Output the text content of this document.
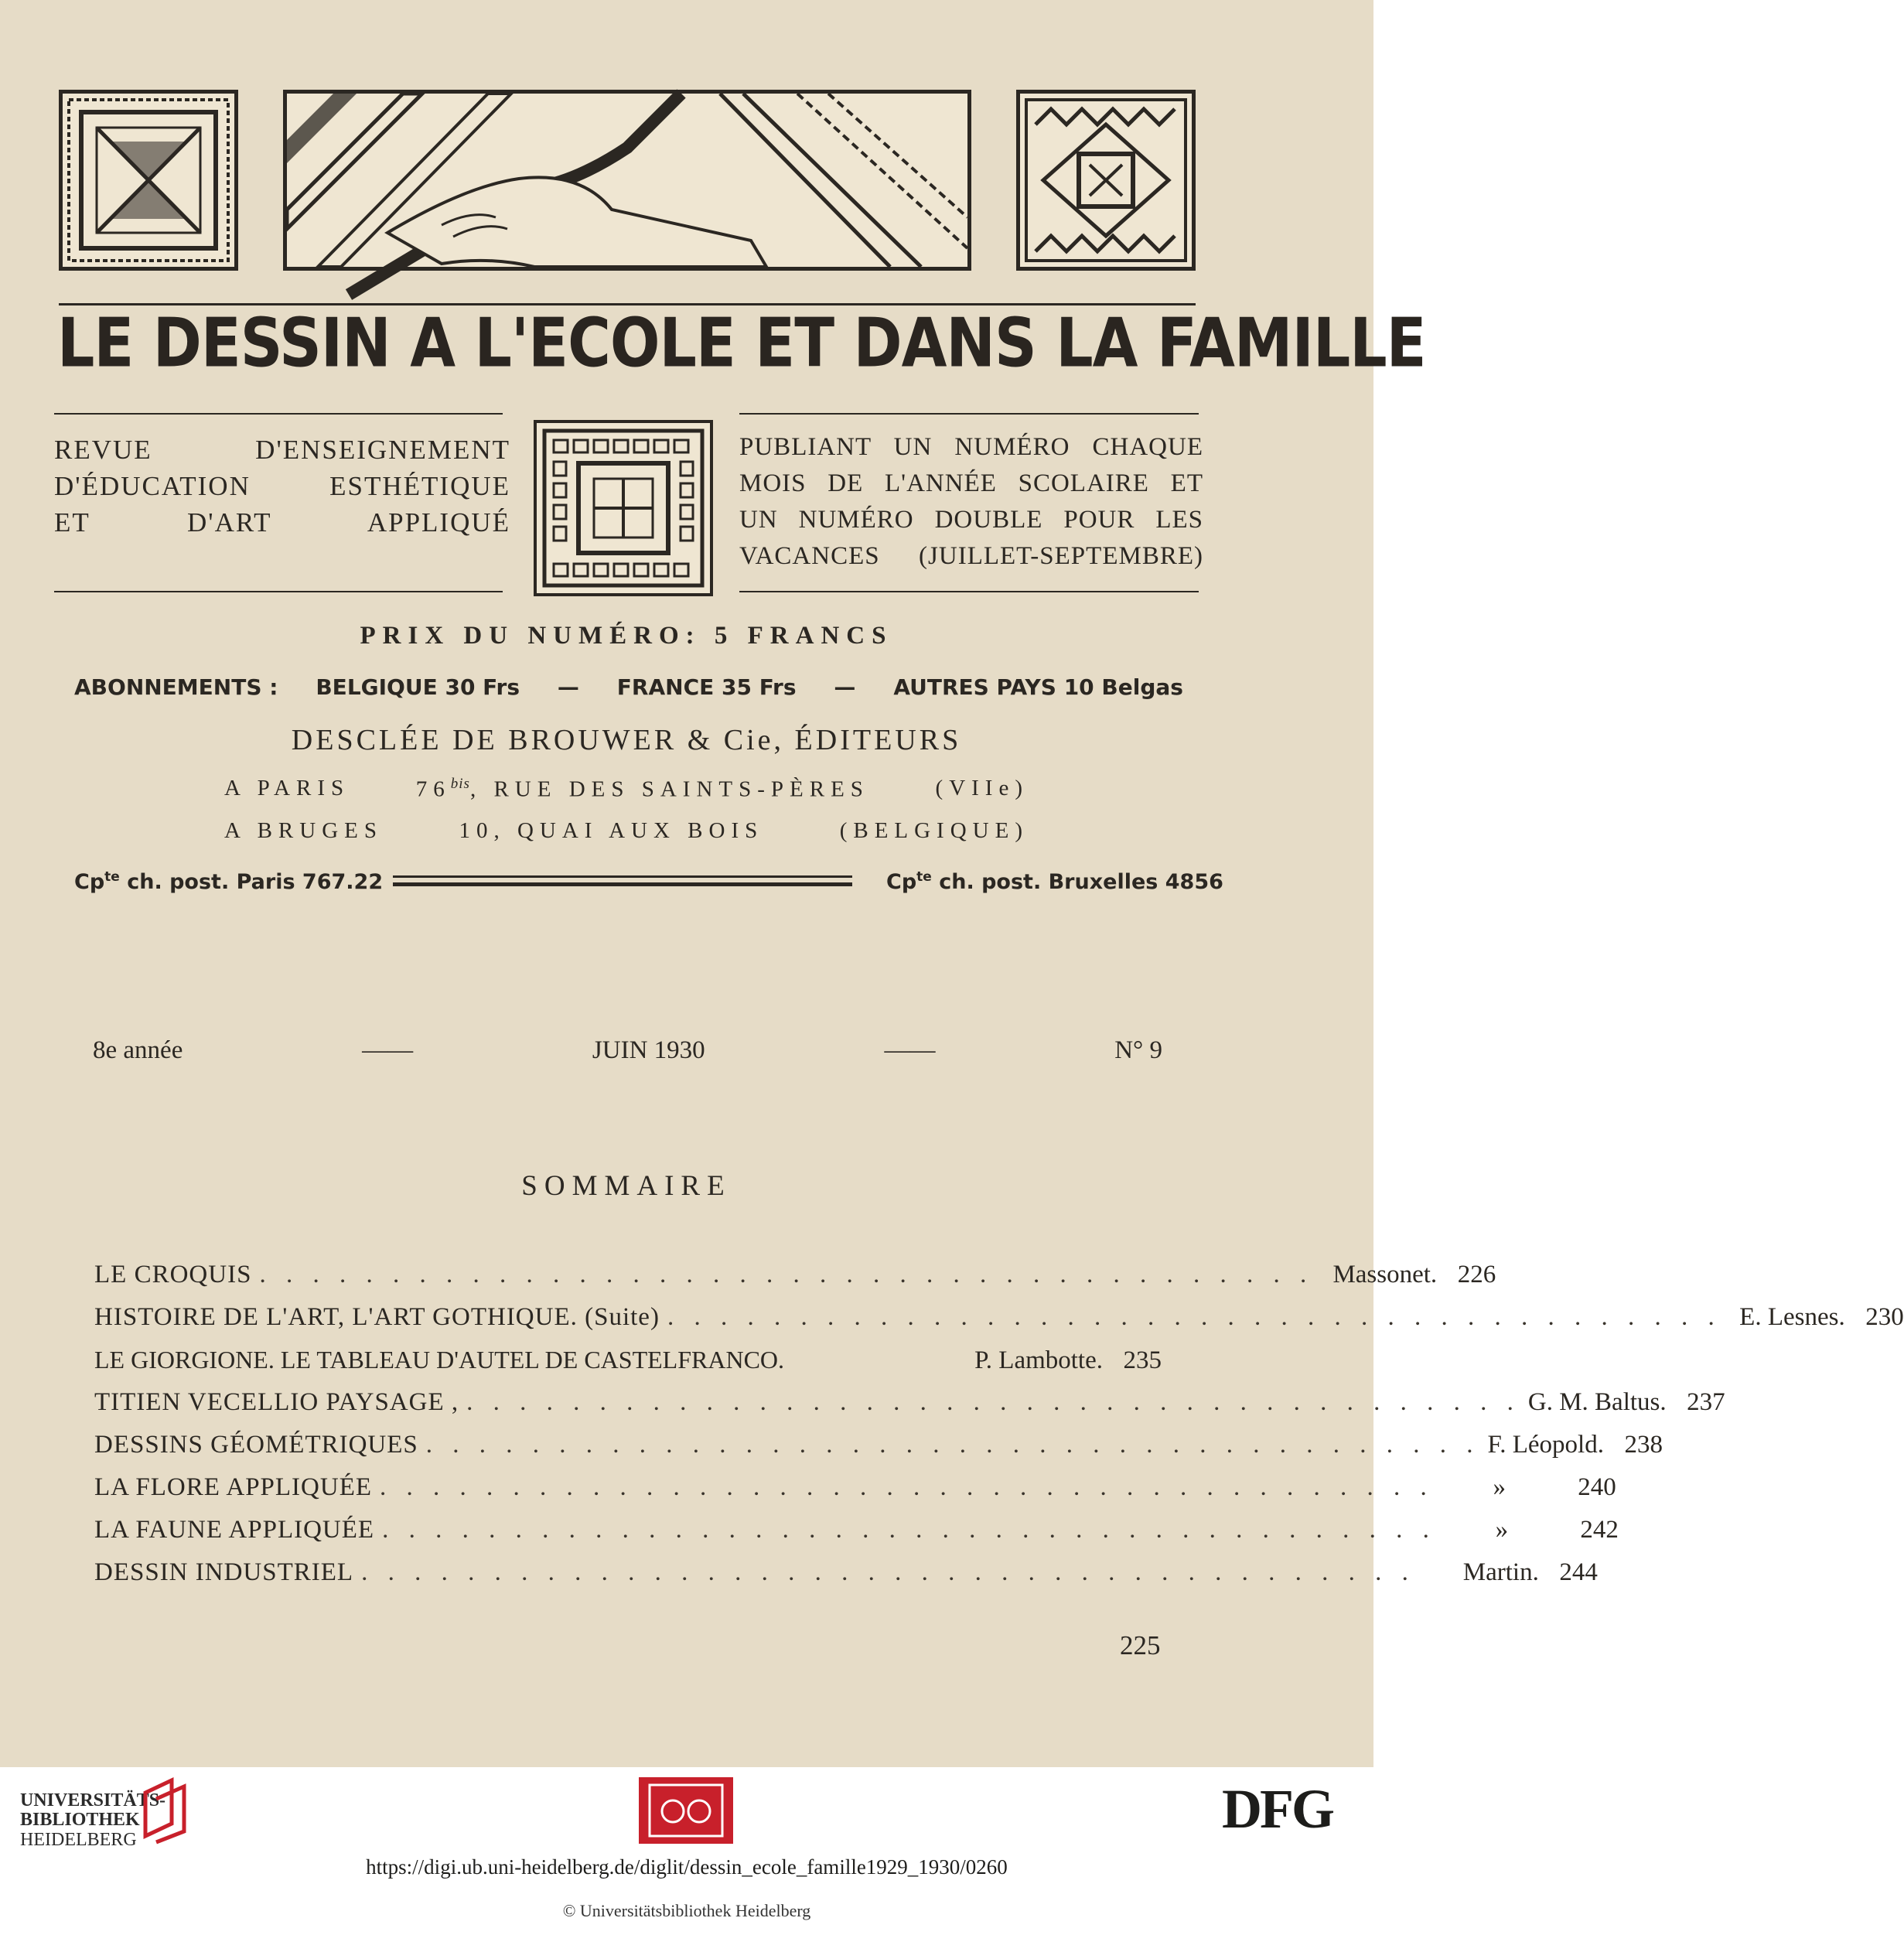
LE DESSIN A L'ECOLE ET DANS LA FAMILLE
REVUE D'ENSEIGNEMENT
D'ÉDUCATION ESTHÉTIQUE
ET D'ART APPLIQUÉ
PUBLIANT UN NUMÉRO CHAQUE
MOIS DE L'ANNÉE SCOLAIRE ET
UN NUMÉRO DOUBLE POUR LES
VACANCES (JUILLET-SEPTEMBRE)
PRIX DU NUMÉRO: 5 FRANCS
ABONNEMENTS : BELGIQUE 30 Frs — FRANCE 35 Frs — AUTRES PAYS 10 Belgas
DESCLÉE DE BROUWER & Cie, ÉDITEURS
A PARIS	$76^{bis}$, RUE DES SAINTS-PÈRES	(VIIe)
A BRUGES	10, QUAI AUX BOIS	(BELGIQUE)
$Cp^{te}$ ch. post. Paris 767.22	$Cp^{te}$ ch. post. Bruxelles 4856
8e année	——	JUIN 1930	——	N° 9
SOMMAIRE
LE CROQUIS . . . . . . . . . . . . . . . . . . . . . . . . . . . . . . . . . . . . . . . . Massonet. 226
HISTOIRE DE L'ART, L'ART GOTHIQUE. (Suite) . . . . . . . . . . . . . . . . . . . . . . . . . . . . . . . . . . . . . . . . E. Lesnes. 230
LE GIORGIONE. LE TABLEAU D'AUTEL DE CASTELFRANCO.	P. Lambotte. 235
TITIEN VECELLIO PAYSAGE , . . . . . . . . . . . . . . . . . . . . . . . . . . . . . . . . . . . . . . . . G. M. Baltus. 237
DESSINS GÉOMÉTRIQUES . . . . . . . . . . . . . . . . . . . . . . . . . . . . . . . . . . . . . . . . F. Léopold. 238
LA FLORE APPLIQUÉE . . . . . . . . . . . . . . . . . . . . . . . . . . . . . . . . . . . . . . . .	»	240
LA FAUNE APPLIQUÉE . . . . . . . . . . . . . . . . . . . . . . . . . . . . . . . . . . . . . . . .	»	242
DESSIN INDUSTRIEL . . . . . . . . . . . . . . . . . . . . . . . . . . . . . . . . . . . . . . . .	Martin. 244
225
UNIVERSITÄTS-
BIBLIOTHEK
HEIDELBERG	DFG
https://digi.ub.uni-heidelberg.de/diglit/dessin_ecole_famille1929_1930/0260
© Universitätsbibliothek Heidelberg
